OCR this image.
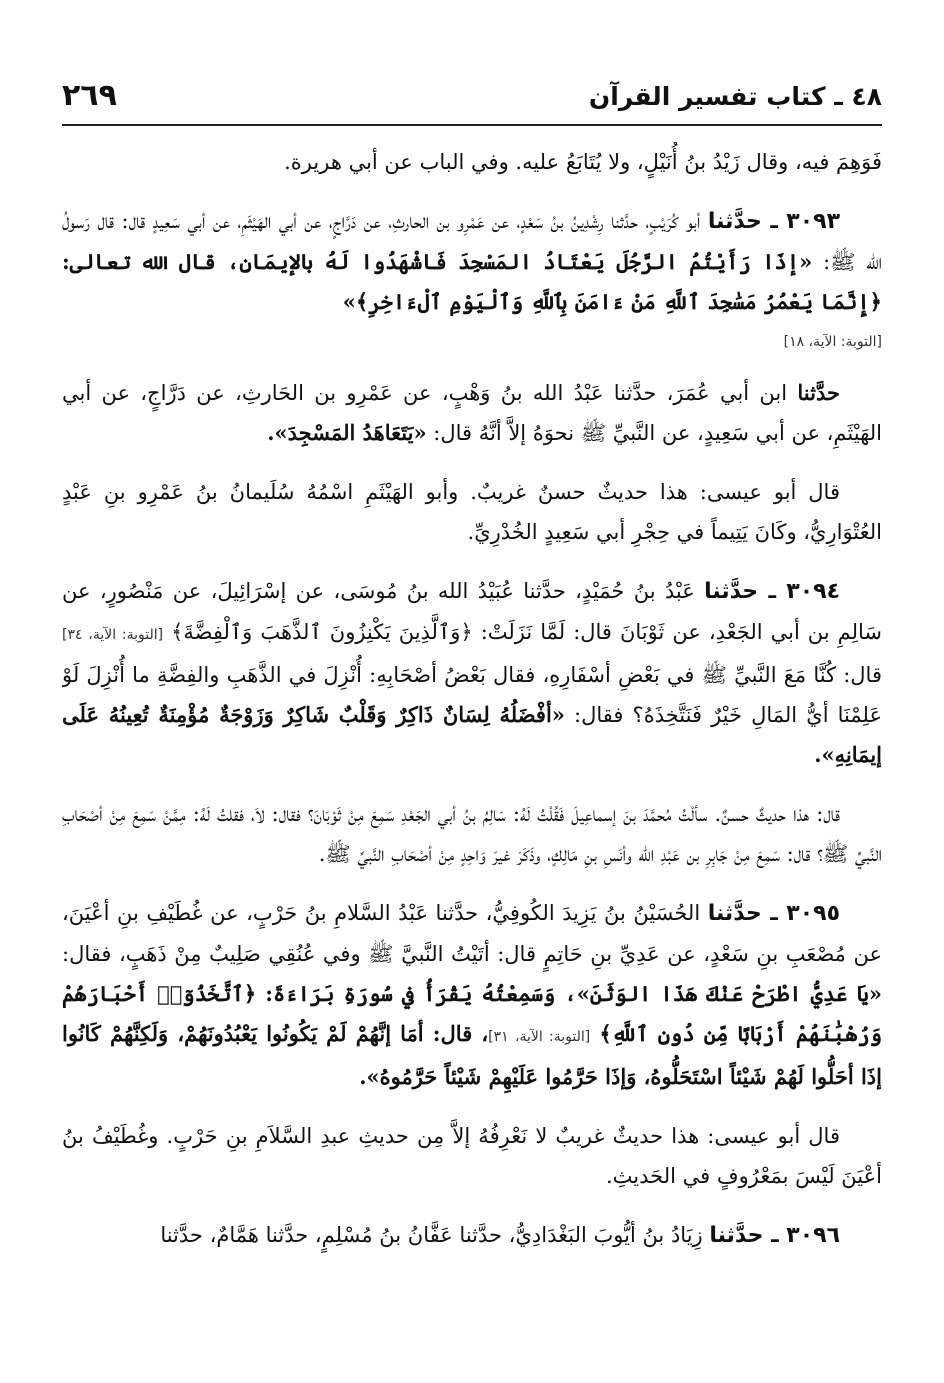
٢٦٩	٤٨ ـ كتاب تفسير القرآن

فَوَهِمَ فيه، وقال زَيْدُ بنُ أُنَيْلٍ، ولا يُتَابَعُ عليه. وفي الباب عن أبي هريرة.

٣٠٩٣ ـ حدَّثنا أبو كُرَيْبٍ، حدَّثنا رِشْدِينُ بنُ سَعْدٍ، عن عَمْرِو بن الحارثِ، عن دَرَّاجٍ، عن أبي الهَيْثَمِ، عن أبي سَعِيدٍ قال: قال رَسولُ الله ﷺ: «إذَا رَأَيْتُمُ الرَّجُلَ يَعْتَادُ المَسْجِدَ فَاشْهَدُوا لَهُ بالإيمَانِ، قال الله تعالى: ﴿إِنَّمَا يَعْمُرُ مَسَٰجِدَ ٱللَّهِ مَنْ ءَامَنَ بِٱللَّهِ وَٱلْيَوْمِ ٱلْءَاخِرِ﴾»

[التوبة: الآية، ١٨]

حدَّثنا ابن أبي عُمَرَ، حدَّثنا عَبْدُ الله بنُ وَهْبٍ، عن عَمْرِو بن الحَارثِ، عن دَرَّاجٍ، عن أبي الهَيْثَمِ، عن أبي سَعِيدٍ، عن النَّبيِّ ﷺ نحوَهُ إلاَّ أنَّهُ قال: «يَتَعَاهَدُ المَسْجِدَ».

قال أبو عيسى: هذا حديثٌ حسنٌ غريبٌ. وأبو الهَيْثَمِ اسْمُهُ سُلَيمانُ بنُ عَمْرِو بنِ عَبْدٍ العُتْوَارِيُّ، وكَانَ يَتِيماً في حِجْرِ أبي سَعِيدٍ الخُدْرِيِّ.

٣٠٩٤ ـ حدَّثنا عَبْدُ بنُ حُمَيْدٍ، حدَّثنا عُبَيْدُ الله بنُ مُوسَى، عن إسْرَائِيلَ، عن مَنْصُورٍ، عن سَالِمِ بن أبي الجَعْدِ، عن ثَوْبَانَ قال: لَمَّا نَزَلَتْ: ﴿وَٱلَّذِينَ يَكْنِزُونَ ٱلذَّهَبَ وَٱلْفِضَّةَ﴾ [التوبة: الآية، ٣٤] قال: كُنَّا مَعَ النَّبيِّ ﷺ في بَعْضِ أسْفَارِهِ، فقال بَعْضُ أصْحَابِهِ: أُنْزِلَ في الذَّهَبِ والفِضَّةِ ما أُنْزِلَ لَوْ عَلِمْنَا أيُّ المَالِ خَيْرٌ فَنَتَّخِذَهُ؟ فقال: «أفْضَلُهُ لِسَانٌ ذَاكِرٌ وَقَلْبٌ شَاكِرٌ وَزَوْجَةٌ مُؤْمِنَةٌ تُعِينُهُ عَلَى إيمَانِهِ».

قال: هذا حديثٌ حسنٌ. سألْتُ مُحمَّدَ بنَ إسماعِيلَ فَقُلْتُ لَهُ: سَالِمُ بنُ أبي الجَعْدِ سَمِعَ مِنْ ثَوْبَانَ؟ فقال: لاَ، فقلتُ لَهُ: مِمَّنْ سَمِعَ مِنْ أصْحَابِ النَّبيِّ ﷺ؟ قال: سَمِعَ مِنْ جَابِرِ بن عَبْدِ الله وأنَسِ بنِ مَالِكٍ، وذَكَرَ غيرَ وَاحِدٍ مِنْ أصْحَابِ النَّبيِّ ﷺ.

٣٠٩٥ ـ حدَّثنا الحُسَيْنُ بنُ يَزِيدَ الكُوفِيُّ، حدَّثنا عَبْدُ السَّلامِ بنُ حَرْبٍ، عن غُطَيْفِ بنِ أعْيَنَ، عن مُصْعَبِ بنِ سَعْدٍ، عن عَدِيِّ بنِ حَاتِمٍ قال: أتَيْتُ النَّبيَّ ﷺ وفي عُنُقِي صَلِيبٌ مِنْ ذَهَبٍ، فقال: «يَا عَدِيُّ اطْرَحْ عَنْكَ هَذَا الوَثَنَ»، وَسَمِعْتُهُ يَقْرَأُ في سُورَةِ بَرَاءَةَ: ﴿ٱتَّخَذُوٓا۟ أَحْبَارَهُمْ وَرُهْبَٰنَهُمْ أَرْبَابًا مِّن دُونِ ٱللَّهِ﴾ [التوبة: الآية، ٣١]، قال: أمَا إنَّهُمْ لَمْ يَكُونُوا يَعْبُدُونَهُمْ، وَلَكِنَّهُمْ كَانُوا إذَا أحَلُّوا لَهُمْ شَيْئاً اسْتَحَلُّوهُ، وَإذَا حَرَّمُوا عَلَيْهِمْ شَيْئاً حَرَّمُوهُ».

قال أبو عيسى: هذا حديثٌ غريبٌ لا نَعْرِفُهُ إلاَّ مِن حديثِ عبدِ السَّلاَمِ بنِ حَرْبٍ. وغُطَيْفُ بنُ أعْيَنَ لَيْسَ بمَعْرُوفٍ في الحَديثِ.

٣٠٩٦ ـ حدَّثنا زِيَادُ بنُ أيُّوبَ البَغْدَادِيُّ، حدَّثنا عَفَّانُ بنُ مُسْلِمٍ، حدَّثنا هَمَّامٌ، حدَّثنا
